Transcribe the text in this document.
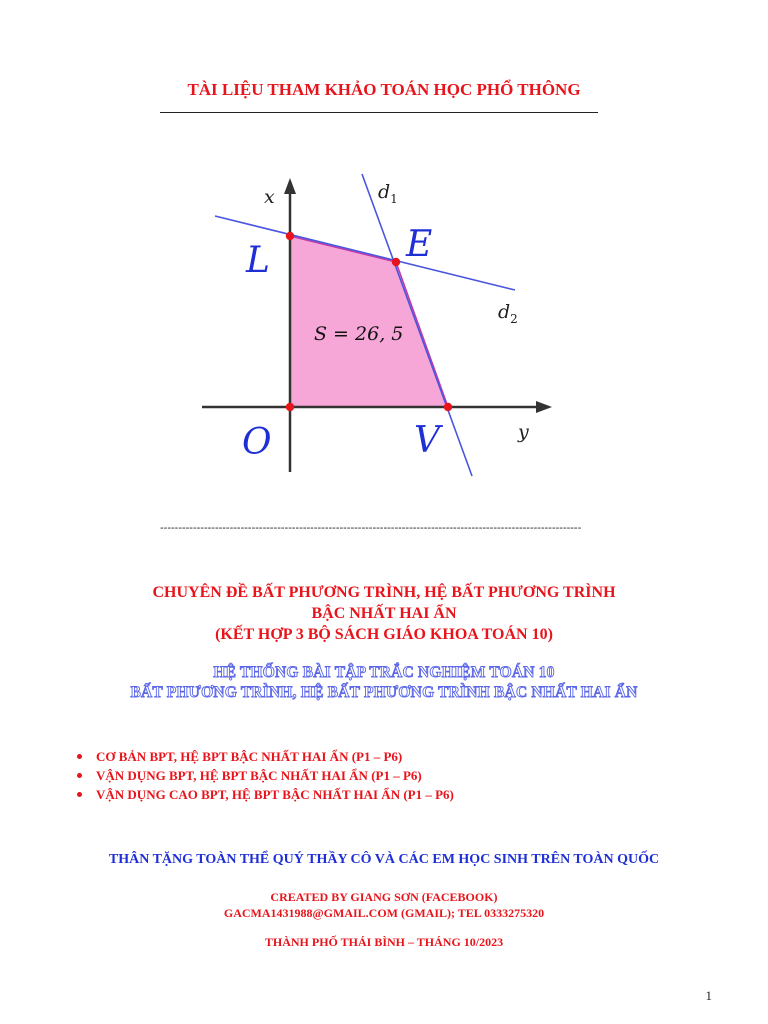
TÀI LIỆU THAM KHẢO TOÁN HỌC PHỔ THÔNG
x
y
$d_1$
$d_2$
L	E
O	V
S = 26, 5
-------------------------------------------------------------------------------------------------------------------
CHUYÊN ĐỀ BẤT PHƯƠNG TRÌNH, HỆ BẤT PHƯƠNG TRÌNH
BẬC NHẤT HAI ẨN
(KẾT HỢP 3 BỘ SÁCH GIÁO KHOA TOÁN 10)
HỆ THỐNG BÀI TẬP TRẮC NGHIỆM TOÁN 10
BẤT PHƯƠNG TRÌNH, HỆ BẤT PHƯƠNG TRÌNH BẬC NHẤT HAI ẨN
CƠ BẢN BPT, HỆ BPT BẬC NHẤT HAI ẨN (P1 – P6)
VẬN DỤNG BPT, HỆ BPT BẬC NHẤT HAI ẨN (P1 – P6)
VẬN DỤNG CAO BPT, HỆ BPT BẬC NHẤT HAI ẨN (P1 – P6)
THÂN TẶNG TOÀN THỂ QUÝ THẦY CÔ VÀ CÁC EM HỌC SINH TRÊN TOÀN QUỐC
CREATED BY GIANG SƠN (FACEBOOK)
GACMA1431988@GMAIL.COM (GMAIL); TEL 0333275320
THÀNH PHỐ THÁI BÌNH – THÁNG 10/2023
1
